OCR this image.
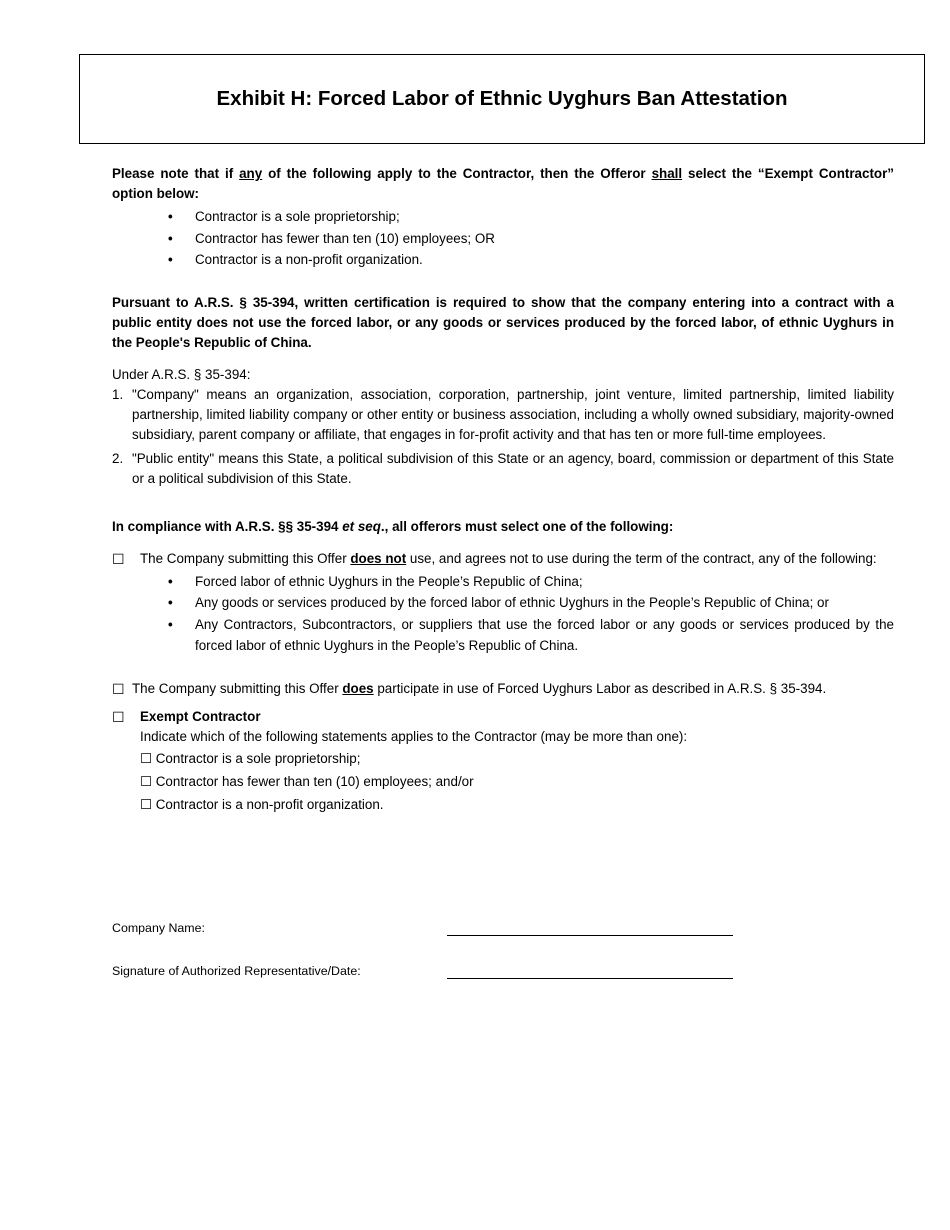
Exhibit H: Forced Labor of Ethnic Uyghurs Ban Attestation

Please note that if any of the following apply to the Contractor, then the Offeror shall select the “Exempt Contractor” option below:

• Contractor is a sole proprietorship;
• Contractor has fewer than ten (10) employees; OR
• Contractor is a non-profit organization.

Pursuant to A.R.S. § 35-394, written certification is required to show that the company entering into a contract with a public entity does not use the forced labor, or any goods or services produced by the forced labor, of ethnic Uyghurs in the People's Republic of China.

Under A.R.S. § 35-394:

1. "Company" means an organization, association, corporation, partnership, joint venture, limited partnership, limited liability partnership, limited liability company or other entity or business association, including a wholly owned subsidiary, majority-owned subsidiary, parent company or affiliate, that engages in for-profit activity and that has ten or more full-time employees.
2. "Public entity" means this State, a political subdivision of this State or an agency, board, commission or department of this State or a political subdivision of this State.

In compliance with A.R.S. §§ 35-394 et seq., all offerors must select one of the following:

☐ The Company submitting this Offer does not use, and agrees not to use during the term of the contract, any of the following:

• Forced labor of ethnic Uyghurs in the People’s Republic of China;
• Any goods or services produced by the forced labor of ethnic Uyghurs in the People’s Republic of China; or
• Any Contractors, Subcontractors, or suppliers that use the forced labor or any goods or services produced by the forced labor of ethnic Uyghurs in the People’s Republic of China.
☐ The Company submitting this Offer does participate in use of Forced Uyghurs Labor as described in A.R.S. § 35-394.

☐ Exempt Contractor

Indicate which of the following statements applies to the Contractor (may be more than one):

☐ Contractor is a sole proprietorship;
☐ Contractor has fewer than ten (10) employees; and/or
☐ Contractor is a non-profit organization.
Company Name:
Signature of Authorized Representative/Date:
